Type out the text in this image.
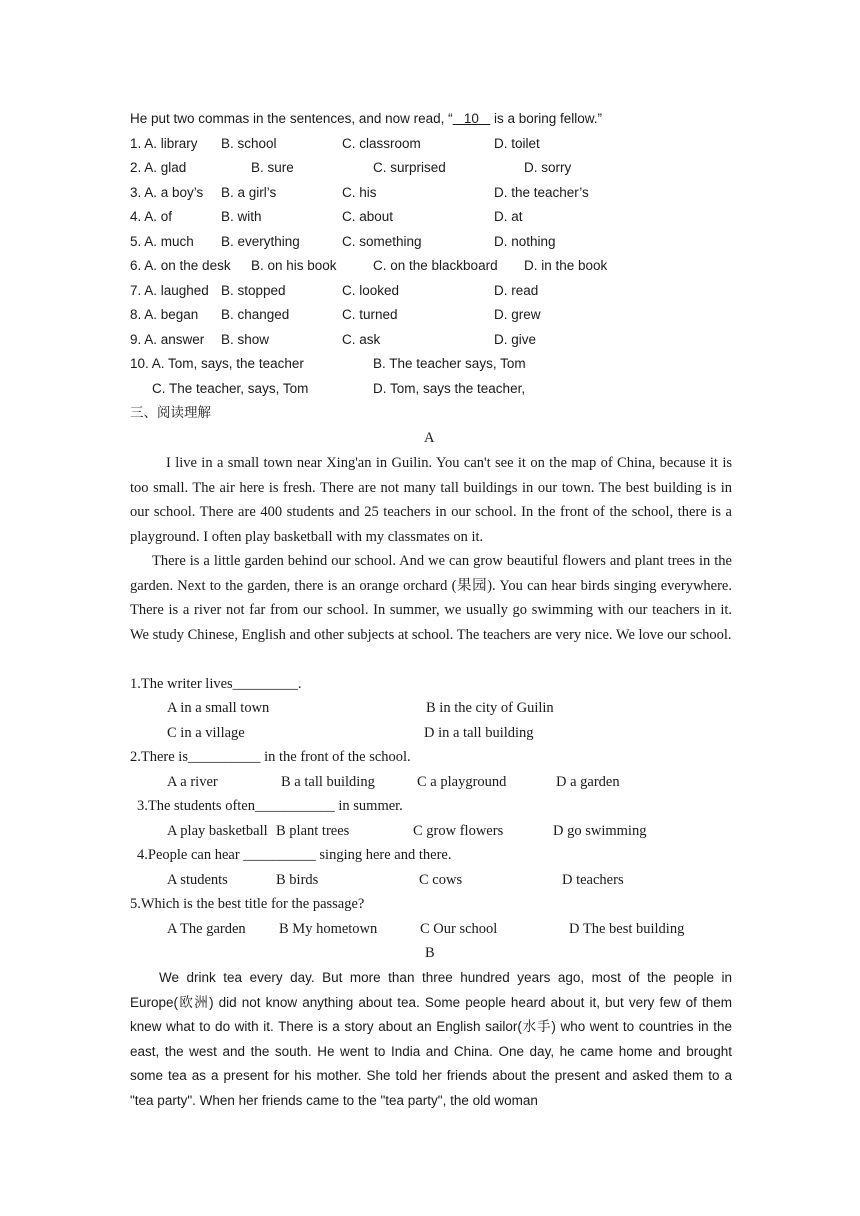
He put two commas in the sentences, and now read, “   10    is a boring fellow.”
1. A. library B. school	C. classroom	D. toilet
2. A. glad	B. sure	C. surprised	D. sorry
3. A. a boy’s B. a girl’s	C. his	D. the teacher’s
4. A. of	B. with	C. about	D. at
5. A. much B. everything	C. something	D. nothing
6. A. on the desk B. on his book	C. on the blackboard D. in the book
7. A. laughed B. stopped	C. looked	D. read
8. A. began B. changed	C. turned	D. grew
9. A. answer B. show	C. ask	D. give
10. A. Tom, says, the teacher	B. The teacher says, Tom
C. The teacher, says, Tom	D. Tom, says the teacher,
三、阅读理解
A
I live in a small town near Xing'an in Guilin. You can't see it on the map of China, because it is too small. The air here is fresh. There are not many tall buildings in our town. The best building is in our school. There are 400 students and 25 teachers in our school. In the front of the school, there is a playground. I often play basketball with my classmates on it.
There is a little garden behind our school. And we can grow beautiful flowers and plant trees in the garden. Next to the garden, there is an orange orchard (果园). You can hear birds singing everywhere. There is a river not far from our school. In summer, we usually go swimming with our teachers in it. We study Chinese, English and other subjects at school. The teachers are very nice. We love our school.
1.The writer lives_________.
A in a small town	B in the city of Guilin
C in a village	D in a tall building
2.There is__________ in the front of the school.
A a river	B a tall building	C a playground	D a garden
3.The students often___________ in summer.
A play basketball B plant trees	C grow flowers	D go swimming
4.People can hear __________ singing here and there.
A students	B birds	C cows	D teachers
5.Which is the best title for the passage?
A The garden B My hometown	C Our school	D The best building
B
We drink tea every day. But more than three hundred years ago, most of the people in Europe(欧洲) did not know anything about tea. Some people heard about it, but very few of them knew what to do with it. There is a story about an English sailor(水手) who went to countries in the east, the west and the south. He went to India and China. One day, he came home and brought some tea as a present for his mother. She told her friends about the present and asked them to a "tea party". When her friends came to the "tea party", the old woman
